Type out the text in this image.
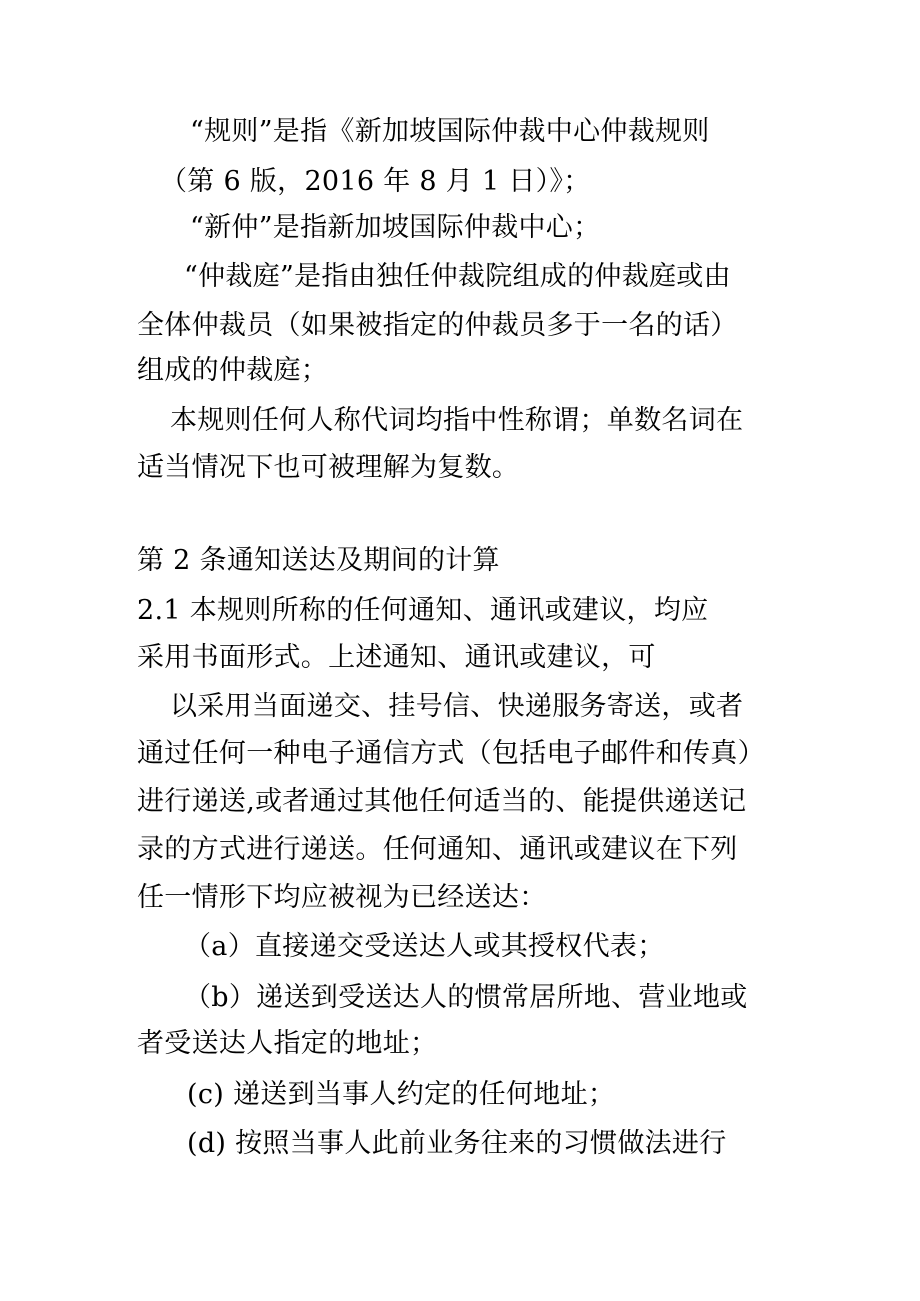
“规则”是指《新加坡国际仲裁中心仲裁规则
（第 6 版，2016 年 8 月 1 日）》；
“新仲”是指新加坡国际仲裁中心；
“仲裁庭”是指由独任仲裁院组成的仲裁庭或由
全体仲裁员（如果被指定的仲裁员多于一名的话）
组成的仲裁庭；
本规则任何人称代词均指中性称谓；单数名词在
适当情况下也可被理解为复数。
第 2 条通知送达及期间的计算
2.1 本规则所称的任何通知、通讯或建议，均应
采用书面形式。上述通知、通讯或建议，可
以采用当面递交、挂号信、快递服务寄送，或者
通过任何一种电子通信方式（包括电子邮件和传真）
进行递送,或者通过其他任何适当的、能提供递送记
录的方式进行递送。任何通知、通讯或建议在下列
任一情形下均应被视为已经送达：
（a）直接递交受送达人或其授权代表；
（b）递送到受送达人的惯常居所地、营业地或
者受送达人指定的地址；
(c) 递送到当事人约定的任何地址；
(d) 按照当事人此前业务往来的习惯做法进行
